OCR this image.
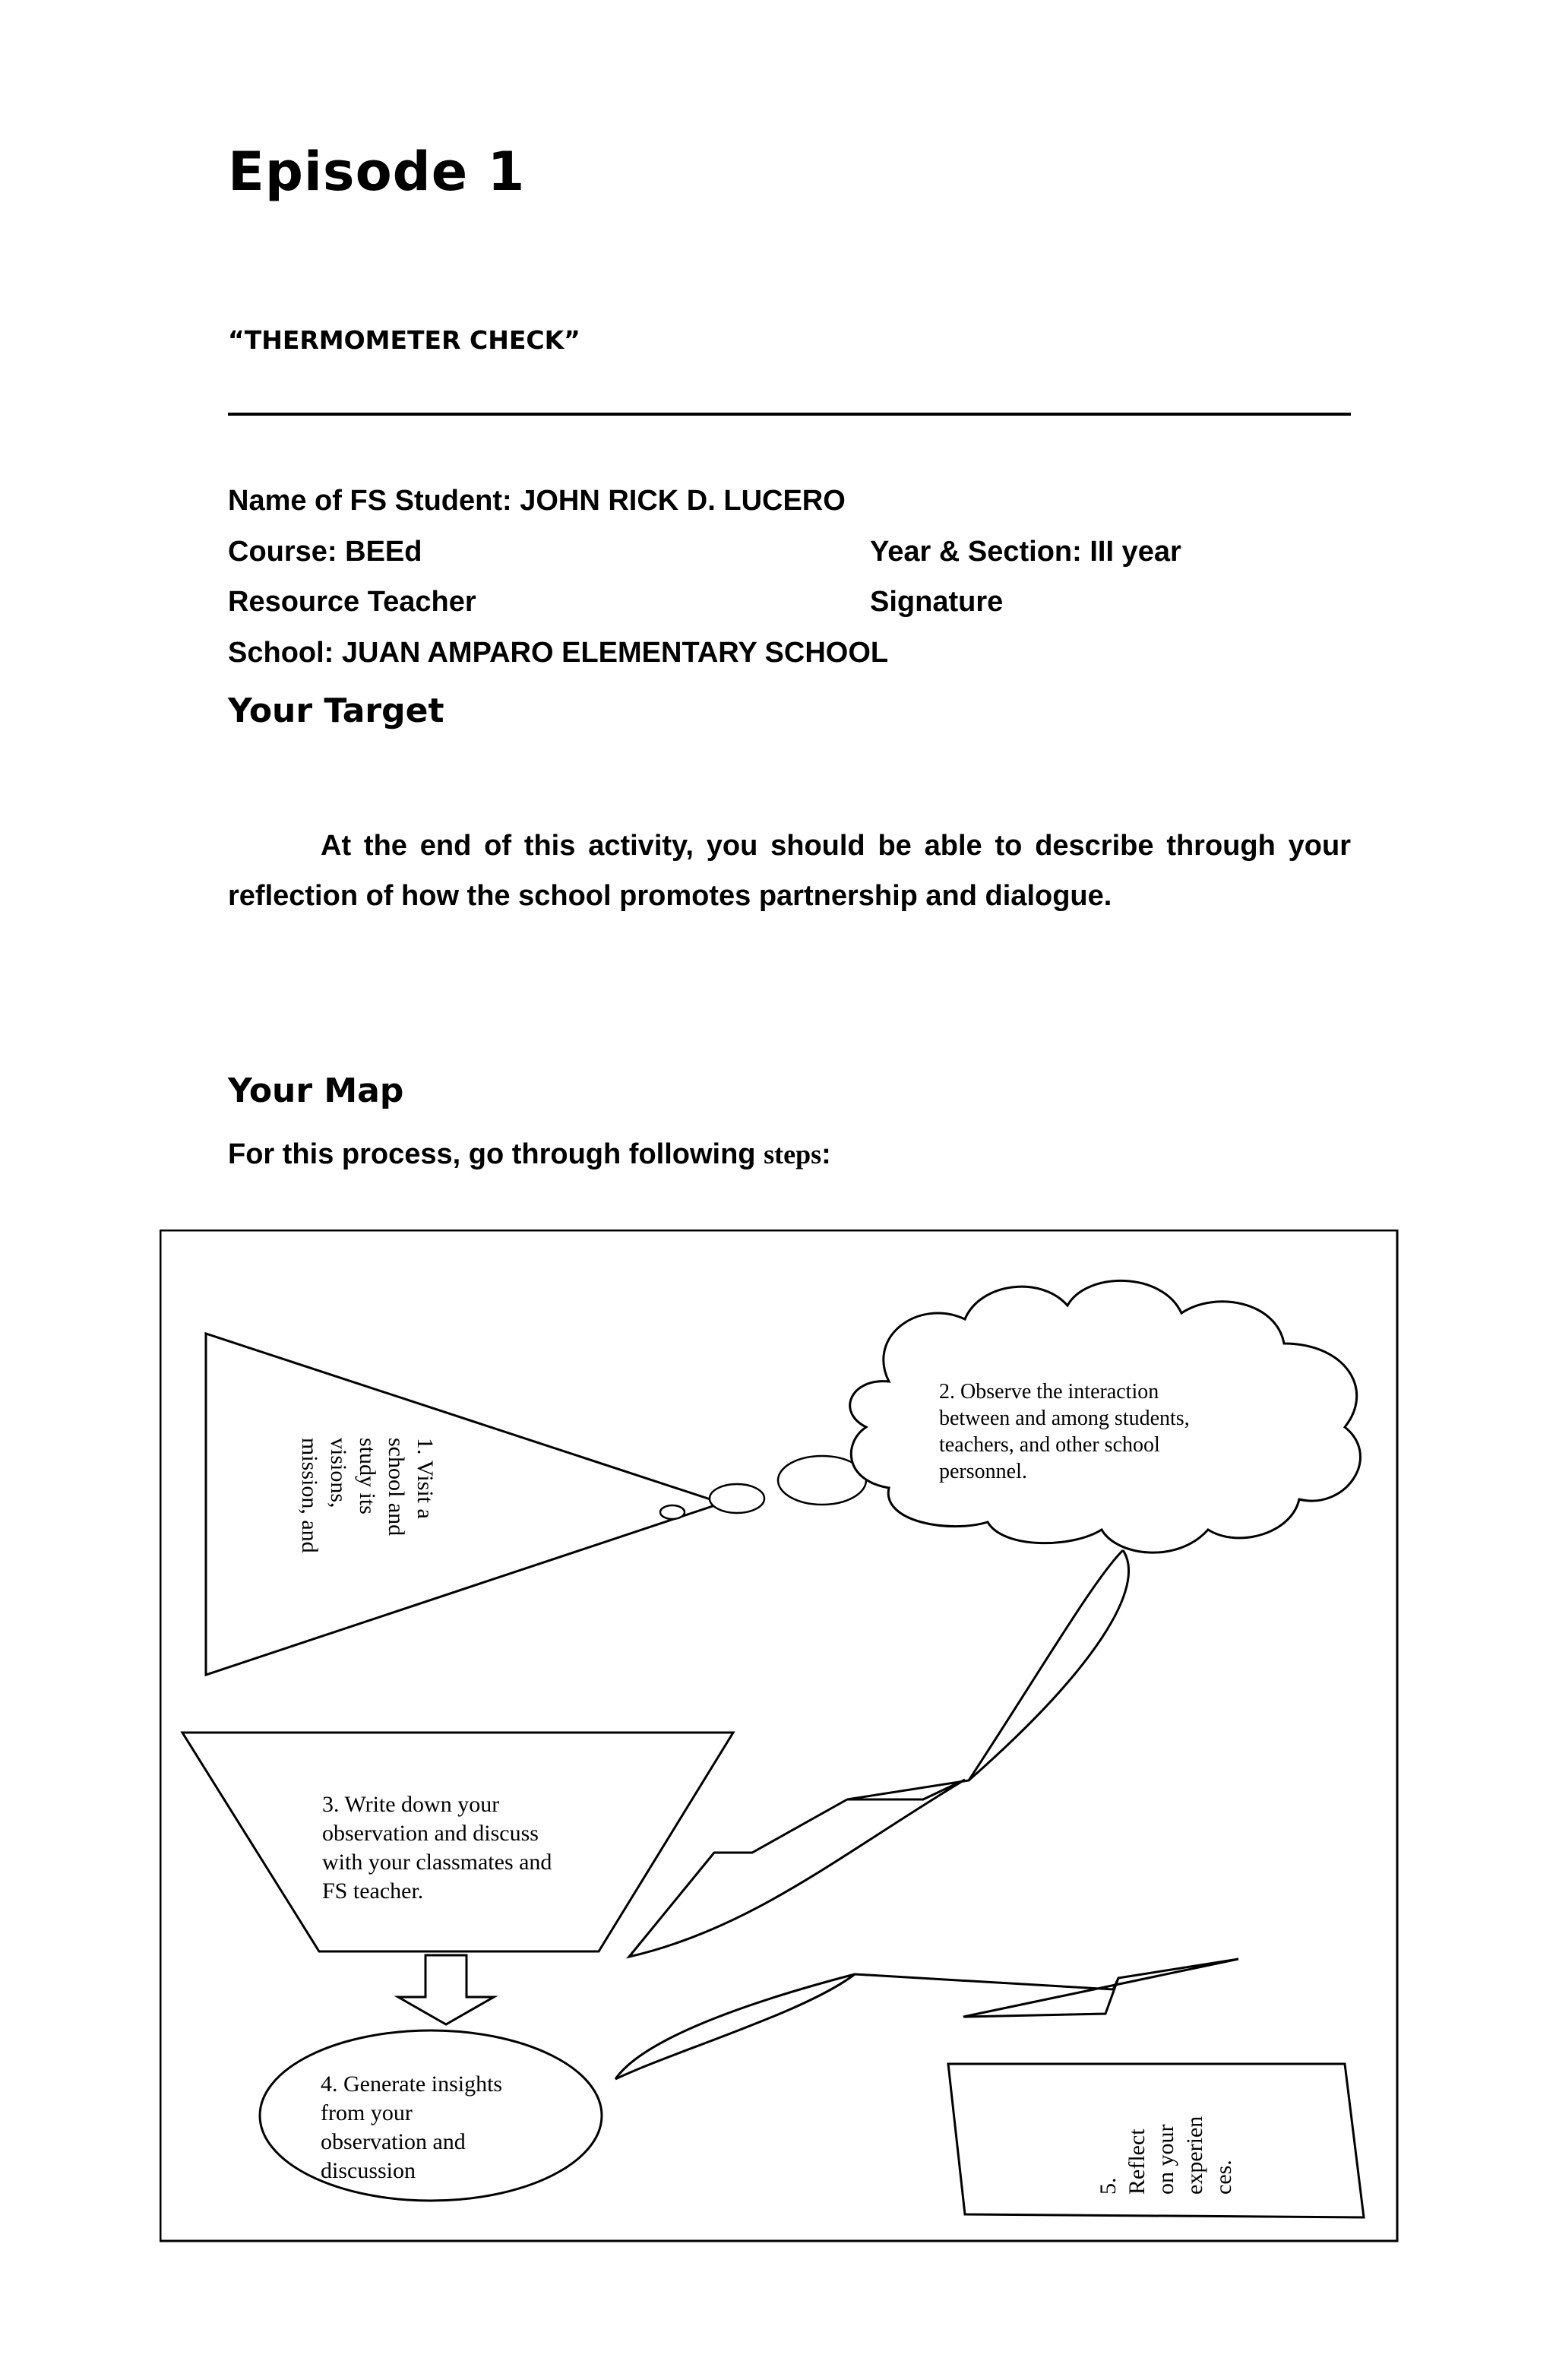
Episode 1
“THERMOMETER CHECK”
Name of FS Student: JOHN RICK D. LUCERO
Course: BEEd	Year & Section: III year
Resource Teacher	Signature
School: JUAN AMPARO ELEMENTARY SCHOOL
Your Target

At the end of this activity, you should be able to describe through your reflection of how the school promotes partnership and dialogue.

Your Map
For this process, go through following steps:
1. Visit a
school and
study its
visions,
mission, and
2. Observe the interaction
between and among students,
teachers, and other school
personnel.
3. Write down your
observation and discuss
with your classmates and
FS teacher.
4. Generate insights
from your
observation and
discussion
5. Reflect on your experien ces.
